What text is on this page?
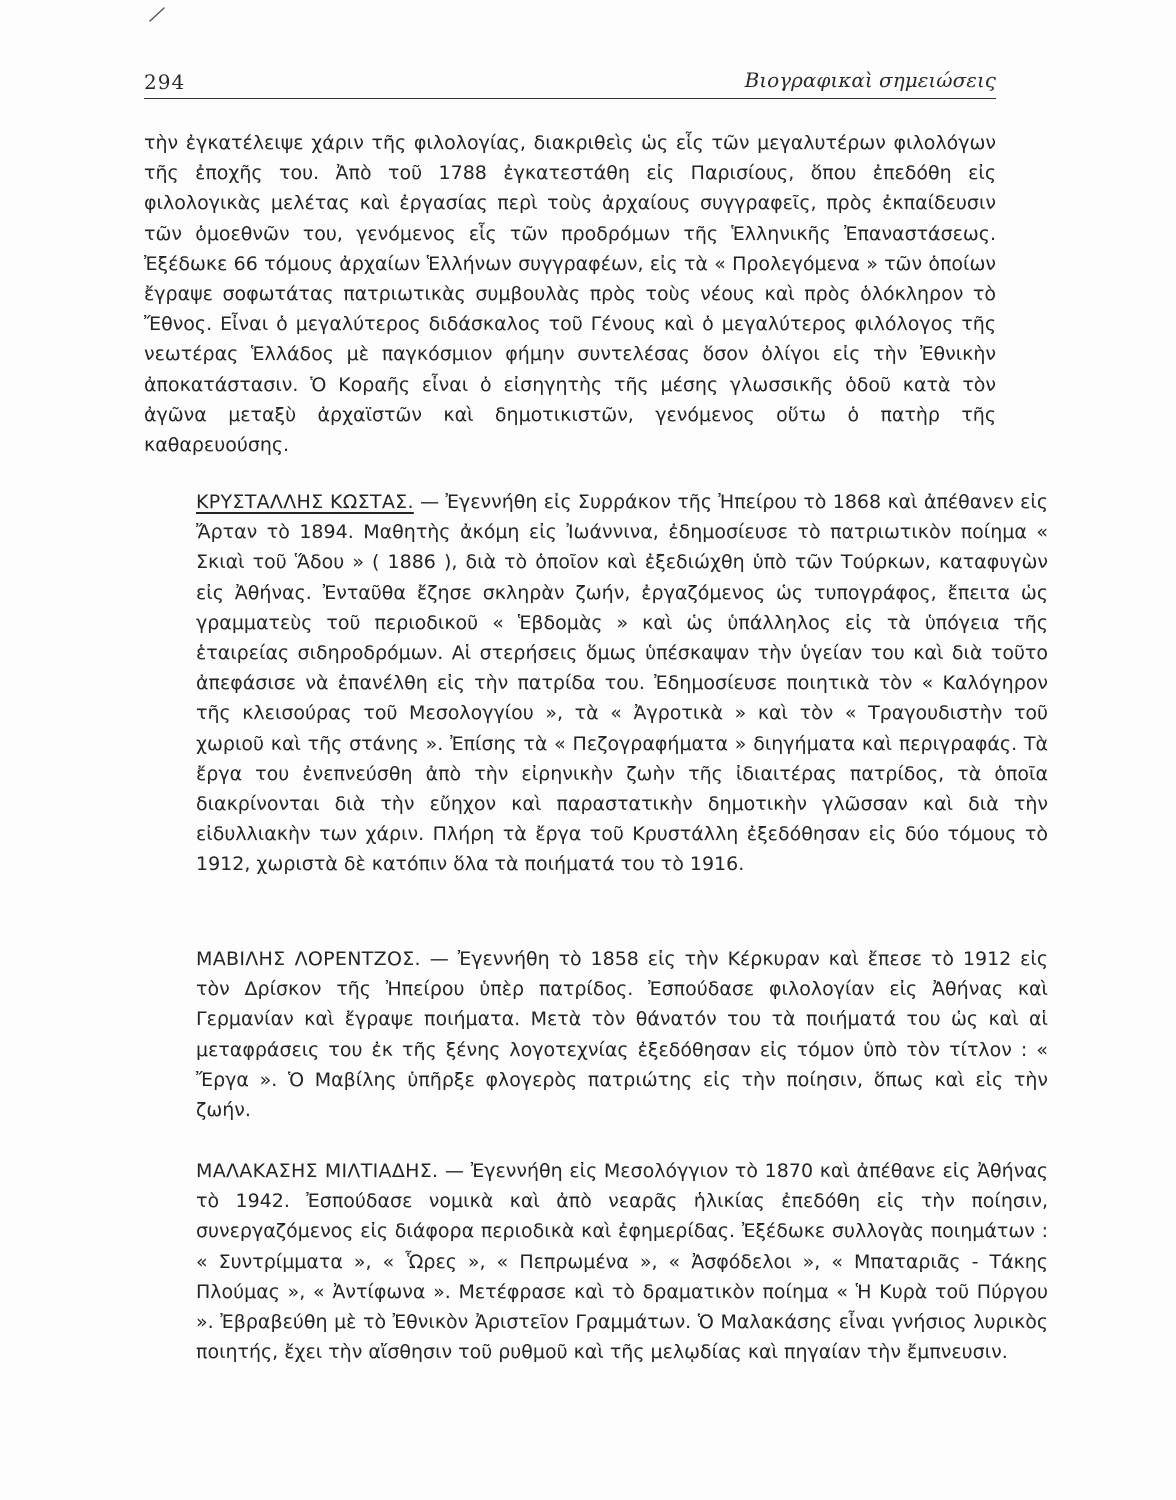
294	Βιογραφικαὶ σημειώσεις

τὴν ἐγκατέλειψε χάριν τῆς φιλολογίας, διακριθεὶς ὡς εἷς τῶν μεγαλυτέρων φιλολόγων τῆς ἐποχῆς του. Ἀπὸ τοῦ 1788 ἐγκατεστάθη εἰς Παρισίους, ὅπου ἐπεδόθη εἰς φιλολογικὰς μελέτας καὶ ἐργασίας περὶ τοὺς ἀρχαίους συγγραφεῖς, πρὸς ἐκπαίδευσιν τῶν ὁμοεθνῶν του, γενόμενος εἷς τῶν προδρόμων τῆς Ἑλληνικῆς Ἐπαναστάσεως. Ἐξέδωκε 66 τόμους ἀρχαίων Ἑλλήνων συγγραφέων, εἰς τὰ « Προλεγόμενα » τῶν ὁποίων ἔγραψε σοφωτάτας πατριωτικὰς συμβουλὰς πρὸς τοὺς νέους καὶ πρὸς ὁλόκληρον τὸ Ἔθνος. Εἶναι ὁ μεγαλύτερος διδάσκαλος τοῦ Γένους καὶ ὁ μεγαλύτερος φιλόλογος τῆς νεωτέρας Ἑλλάδος μὲ παγκόσμιον φήμην συντελέσας ὅσον ὀλίγοι εἰς τὴν Ἐθνικὴν ἀποκατάστασιν. Ὁ Κοραῆς εἶναι ὁ εἰσηγητὴς τῆς μέσης γλωσσικῆς ὁδοῦ κατὰ τὸν ἀγῶνα μεταξὺ ἀρχαϊστῶν καὶ δημοτικιστῶν, γενόμενος οὕτω ὁ πατὴρ τῆς καθαρευούσης.

ΚΡΥΣΤΑΛΛΗΣ ΚΩΣΤΑΣ. — Ἐγεννήθη εἰς Συρράκον τῆς Ἠπείρου τὸ 1868 καὶ ἀπέθανεν εἰς Ἄρταν τὸ 1894. Μαθητὴς ἀκόμη εἰς Ἰωάννινα, ἐδημοσίευσε τὸ πατριωτικὸν ποίημα « Σκιαὶ τοῦ Ἅδου » ( 1886 ), διὰ τὸ ὁποῖον καὶ ἐξεδιώχθη ὑπὸ τῶν Τούρκων, καταφυγὼν εἰς Ἀθήνας. Ἐνταῦθα ἔζησε σκληρὰν ζωήν, ἐργαζόμενος ὡς τυπογράφος, ἔπειτα ὡς γραμματεὺς τοῦ περιοδικοῦ « Ἑβδομὰς » καὶ ὡς ὑπάλληλος εἰς τὰ ὑπόγεια τῆς ἑταιρείας σιδηροδρόμων. Αἱ στερήσεις ὅμως ὑπέσκαψαν τὴν ὑγείαν του καὶ διὰ τοῦτο ἀπεφάσισε νὰ ἐπανέλθη εἰς τὴν πατρίδα του. Ἐδημοσίευσε ποιητικὰ τὸν « Καλόγηρον τῆς κλεισούρας τοῦ Μεσολογγίου », τὰ « Ἀγροτικὰ » καὶ τὸν « Τραγουδιστὴν τοῦ χωριοῦ καὶ τῆς στάνης ». Ἐπίσης τὰ « Πεζογραφήματα » διηγήματα καὶ περιγραφάς. Τὰ ἔργα του ἐνεπνεύσθη ἀπὸ τὴν εἰρηνικὴν ζωὴν τῆς ἰδιαιτέρας πατρίδος, τὰ ὁποῖα διακρίνονται διὰ τὴν εὔηχον καὶ παραστατικὴν δημοτικὴν γλῶσσαν καὶ διὰ τὴν εἰδυλλιακὴν των χάριν. Πλήρη τὰ ἔργα τοῦ Κρυστάλλη ἐξεδόθησαν εἰς δύο τόμους τὸ 1912, χωριστὰ δὲ κατόπιν ὅλα τὰ ποιήματά του τὸ 1916.

ΜΑΒΙΛΗΣ ΛΟΡΕΝΤΖΟΣ. — Ἐγεννήθη τὸ 1858 εἰς τὴν Κέρκυραν καὶ ἔπεσε τὸ 1912 εἰς τὸν Δρίσκον τῆς Ἠπείρου ὑπὲρ πατρίδος. Ἐσπούδασε φιλολογίαν εἰς Ἀθήνας καὶ Γερμανίαν καὶ ἔγραψε ποιήματα. Μετὰ τὸν θάνατόν του τὰ ποιήματά του ὡς καὶ αἱ μεταφράσεις του ἐκ τῆς ξένης λογοτεχνίας ἐξεδόθησαν εἰς τόμον ὑπὸ τὸν τίτλον : « Ἔργα ». Ὁ Μαβίλης ὑπῆρξε φλογερὸς πατριώτης εἰς τὴν ποίησιν, ὅπως καὶ εἰς τὴν ζωήν.

ΜΑΛΑΚΑΣΗΣ ΜΙΛΤΙΑΔΗΣ. — Ἐγεννήθη εἰς Μεσολόγγιον τὸ 1870 καὶ ἀπέθανε εἰς Ἀθήνας τὸ 1942. Ἐσπούδασε νομικὰ καὶ ἀπὸ νεαρᾶς ἡλικίας ἐπεδόθη εἰς τὴν ποίησιν, συνεργαζόμενος εἰς διάφορα περιοδικὰ καὶ ἐφημερίδας. Ἐξέδωκε συλλογὰς ποιημάτων : « Συντρίμματα », « Ὧρες », « Πεπρωμένα », « Ἀσφόδελοι », « Μπαταριᾶς - Τάκης Πλούμας », « Ἀντίφωνα ». Μετέφρασε καὶ τὸ δραματικὸν ποίημα « Ἡ Κυρὰ τοῦ Πύργου ». Ἐβραβεύθη μὲ τὸ Ἐθνικὸν Ἀριστεῖον Γραμμάτων. Ὁ Μαλακάσης εἶναι γνήσιος λυρικὸς ποιητής, ἔχει τὴν αἴσθησιν τοῦ ρυθμοῦ καὶ τῆς μελῳδίας καὶ πηγαίαν τὴν ἔμπνευσιν.
